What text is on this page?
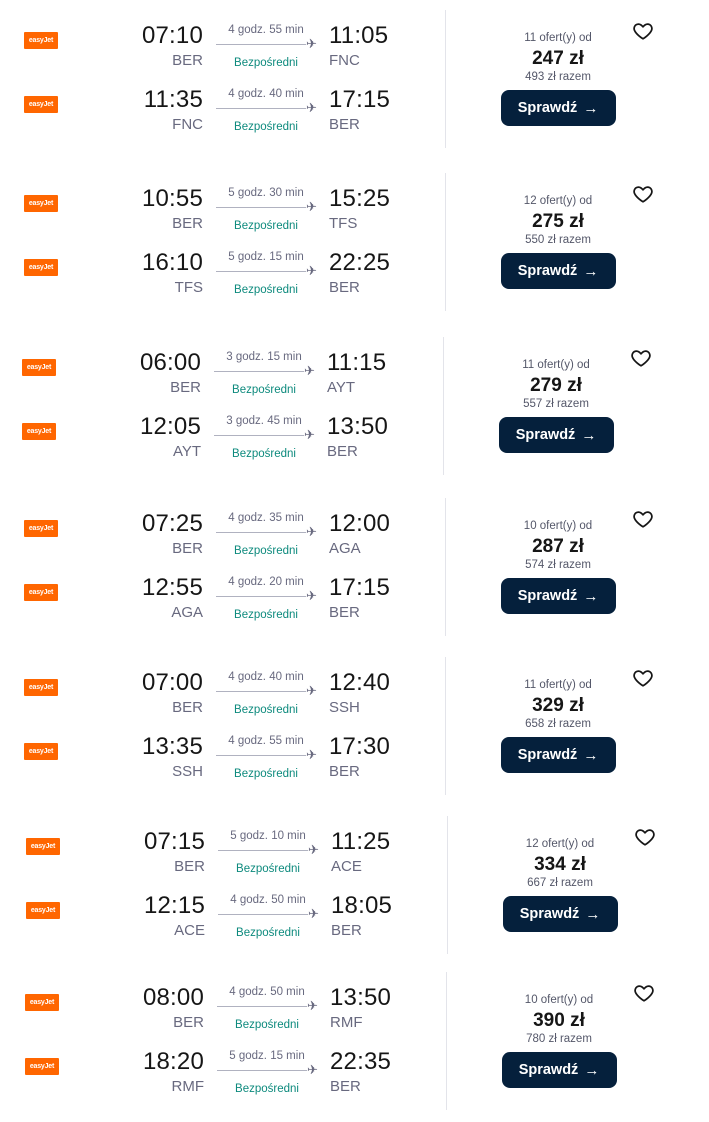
easyJet	07:10
BER
4 godz. 55 min
✈
Bezpośredni
11:05
FNC
easyJet	11:35
FNC
4 godz. 40 min
✈
Bezpośredni
17:15
BER
11 ofert(y) od
247 zł
493 zł razem
Sprawdź →
easyJet	10:55
BER
5 godz. 30 min
✈
Bezpośredni
15:25
TFS
easyJet	16:10
TFS
5 godz. 15 min
✈
Bezpośredni
22:25
BER
12 ofert(y) od
275 zł
550 zł razem
Sprawdź →
easyJet	06:00
BER
3 godz. 15 min
✈
Bezpośredni
11:15
AYT
easyJet	12:05
AYT
3 godz. 45 min
✈
Bezpośredni
13:50
BER
11 ofert(y) od
279 zł
557 zł razem
Sprawdź →
easyJet	07:25
BER
4 godz. 35 min
✈
Bezpośredni
12:00
AGA
easyJet	12:55
AGA
4 godz. 20 min
✈
Bezpośredni
17:15
BER
10 ofert(y) od
287 zł
574 zł razem
Sprawdź →
easyJet	07:00
BER
4 godz. 40 min
✈
Bezpośredni
12:40
SSH
easyJet	13:35
SSH
4 godz. 55 min
✈
Bezpośredni
17:30
BER
11 ofert(y) od
329 zł
658 zł razem
Sprawdź →
easyJet	07:15
BER
5 godz. 10 min
✈
Bezpośredni
11:25
ACE
easyJet	12:15
ACE
4 godz. 50 min
✈
Bezpośredni
18:05
BER
12 ofert(y) od
334 zł
667 zł razem
Sprawdź →
easyJet	08:00
BER
4 godz. 50 min
✈
Bezpośredni
13:50
RMF
easyJet	18:20
RMF
5 godz. 15 min
✈
Bezpośredni
22:35
BER
10 ofert(y) od
390 zł
780 zł razem
Sprawdź →
